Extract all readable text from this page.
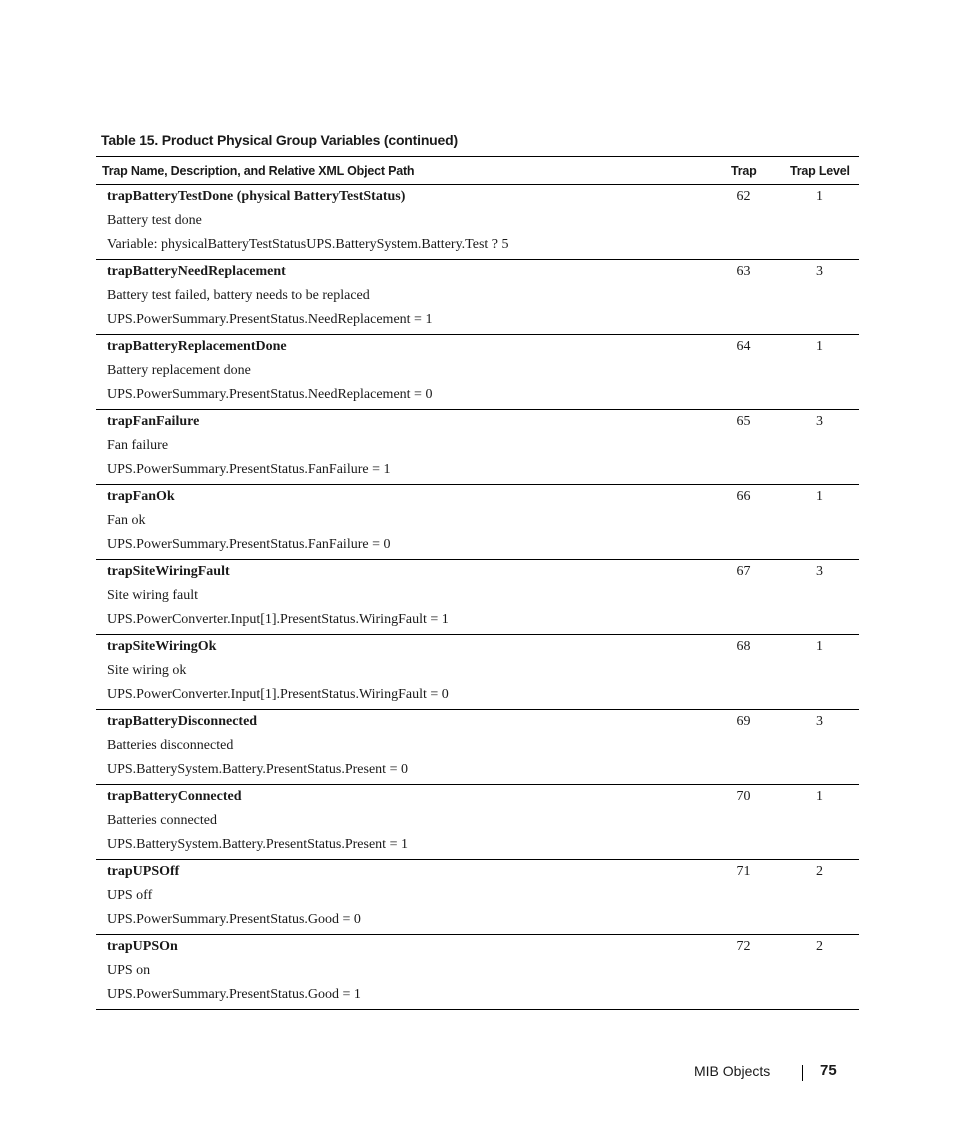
Table 15. Product Physical Group Variables (continued)
Trap Name, Description, and Relative XML Object Path	Trap	Trap Level
trapBatteryTestDone (physical BatteryTestStatus)
Battery test done
Variable: physicalBatteryTestStatusUPS.BatterySystem.Battery.Test ? 5
62	1
trapBatteryNeedReplacement
Battery test failed, battery needs to be replaced
UPS.PowerSummary.PresentStatus.NeedReplacement = 1
63	3
trapBatteryReplacementDone
Battery replacement done
UPS.PowerSummary.PresentStatus.NeedReplacement = 0
64	1
trapFanFailure
Fan failure
UPS.PowerSummary.PresentStatus.FanFailure = 1
65	3
trapFanOk
Fan ok
UPS.PowerSummary.PresentStatus.FanFailure = 0
66	1
trapSiteWiringFault
Site wiring fault
UPS.PowerConverter.Input[1].PresentStatus.WiringFault = 1
67	3
trapSiteWiringOk
Site wiring ok
UPS.PowerConverter.Input[1].PresentStatus.WiringFault = 0
68	1
trapBatteryDisconnected
Batteries disconnected
UPS.BatterySystem.Battery.PresentStatus.Present = 0
69	3
trapBatteryConnected
Batteries connected
UPS.BatterySystem.Battery.PresentStatus.Present = 1
70	1
trapUPSOff
UPS off
UPS.PowerSummary.PresentStatus.Good = 0
71	2
trapUPSOn
UPS on
UPS.PowerSummary.PresentStatus.Good = 1
72	2
MIB Objects	75
